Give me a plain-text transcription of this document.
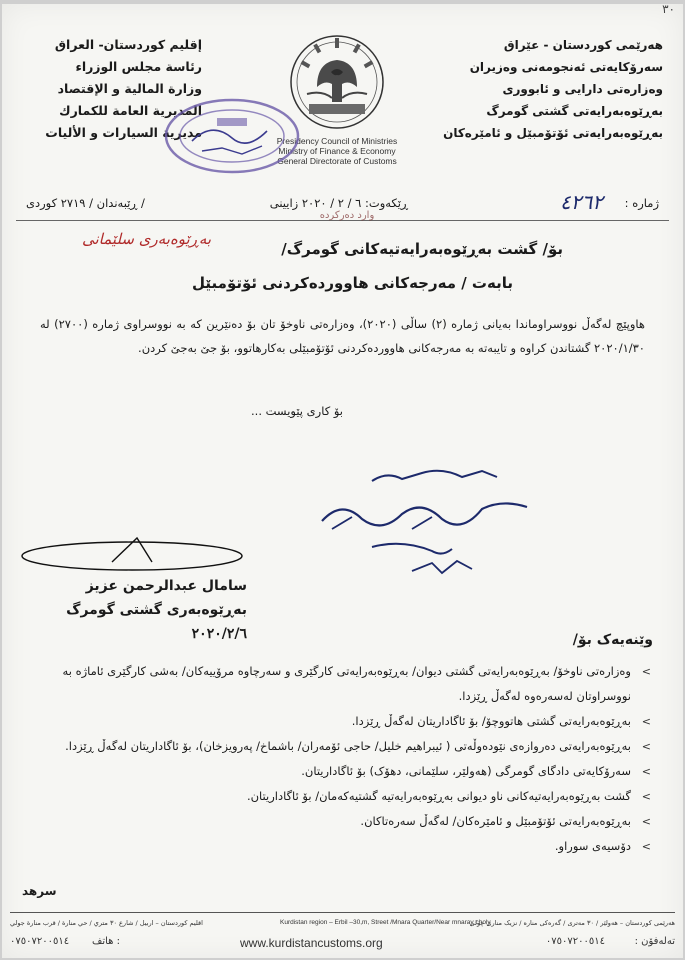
٣٠
هەرێمی کوردستان - عێراق
سەرۆکایەتی ئەنجومەنی وەزیران
وەزارەتی دارایی و ئابووری
بەڕێوەبەرایەتی گشتی گومرگ
بەڕێوەبەرایەتی ئۆتۆمبێل و ئامێرەکان
إقليم كوردستان- العراق
رئاسة مجلس الوزراء
وزارة المالية و الإقتصاد
المديرية العامة للكمارك
مديرية السيارات و الأليات
Presidency Council of Ministries
Ministry of Finance & Economy
General Directorate of Customs
ژمارە :
٤٢٦٢
ڕێکەوت: ٦ / ٢ / ٢٠٢٠ زایینی
/ ڕێبەندان / ٢٧١٩ کوردی
وارد دەرکردە
بۆ/ گشت بەڕێوەبەرایەتیەکانی گومرگ/
بەڕێوەبەری سلێمانی
بابەت / مەرجەکانی هاووردەکردنی ئۆتۆمبێل

هاوپێچ لەگەڵ نووسراوماندا بەیانی ژمارە (٢) ساڵی (٢٠٢٠)، وەزارەتی ناوخۆ تان بۆ دەنێرین کە بە نووسراوی ژمارە (٢٧٠٠) لە ٢٠٢٠/١/٣٠ گشتاندن کراوە و تایبەتە بە مەرجەکانی هاووردەکردنی ئۆتۆمبێلی بەکارهاتوو، بۆ جێ بەجێ کردن.

بۆ کاری پێویست ...
سامال عبدالرحمن عزیز
بەڕێوەبەری گشتی گومرگ
٢٠٢٠/٢/٦	وێنەیەک بۆ/
>
وەزارەتی ناوخۆ/ بەڕێوەبەرایەتی گشتی دیوان/ بەڕێوەبەرایەتی کارگێری و سەرچاوە مرۆییەکان/ بەشی کارگێری ئاماژە بە نووسراوتان لەسەرەوە لەگەڵ ڕێزدا.
>
بەڕێوەبەرایەتی گشتی هاتووچۆ/ بۆ ئاگاداریتان لەگەڵ ڕێزدا.
>
بەڕێوەبەرایەتی دەروازەی نێودەوڵەتی ( ئیبراهیم خلیل/ حاجی ئۆمەران/ باشماخ/ پەرویزخان)، بۆ ئاگاداریتان لەگەڵ ڕێزدا.
>
سەرۆکایەتی دادگای گومرگی (هەولێر، سلێمانی، دهۆک) بۆ ئاگاداریتان.
>
گشت بەڕێوەبەرایەتیەکانی ناو دیوانی بەڕێوەبەرایەتیە گشتیەکەمان/ بۆ ئاگاداریتان.
>
بەڕێوەبەرایەتی ئۆتۆمبێل و ئامێرەکان/ لەگەڵ سەرەتاکان.
>
دۆسیەی سوراو.
سرهد
هەرێمی کوردستان – هەولێر / ٣٠ مەتری / گەرەکی مناره / نزیک مناری چولی
Kurdistan region – Erbil –30,m, Street /Mnara Quarter/Near mnaray choly
اقليم كوردستان – اربيل / شارع ٣٠ متري / حي منارة / قرب منارة جولي
٠٧٥٠٧٢٠٠٥١٤ هاتف :	www.kurdistancustoms.org	٠٧٥٠٧٢٠٠٥١٤	تەلەفۆن :
